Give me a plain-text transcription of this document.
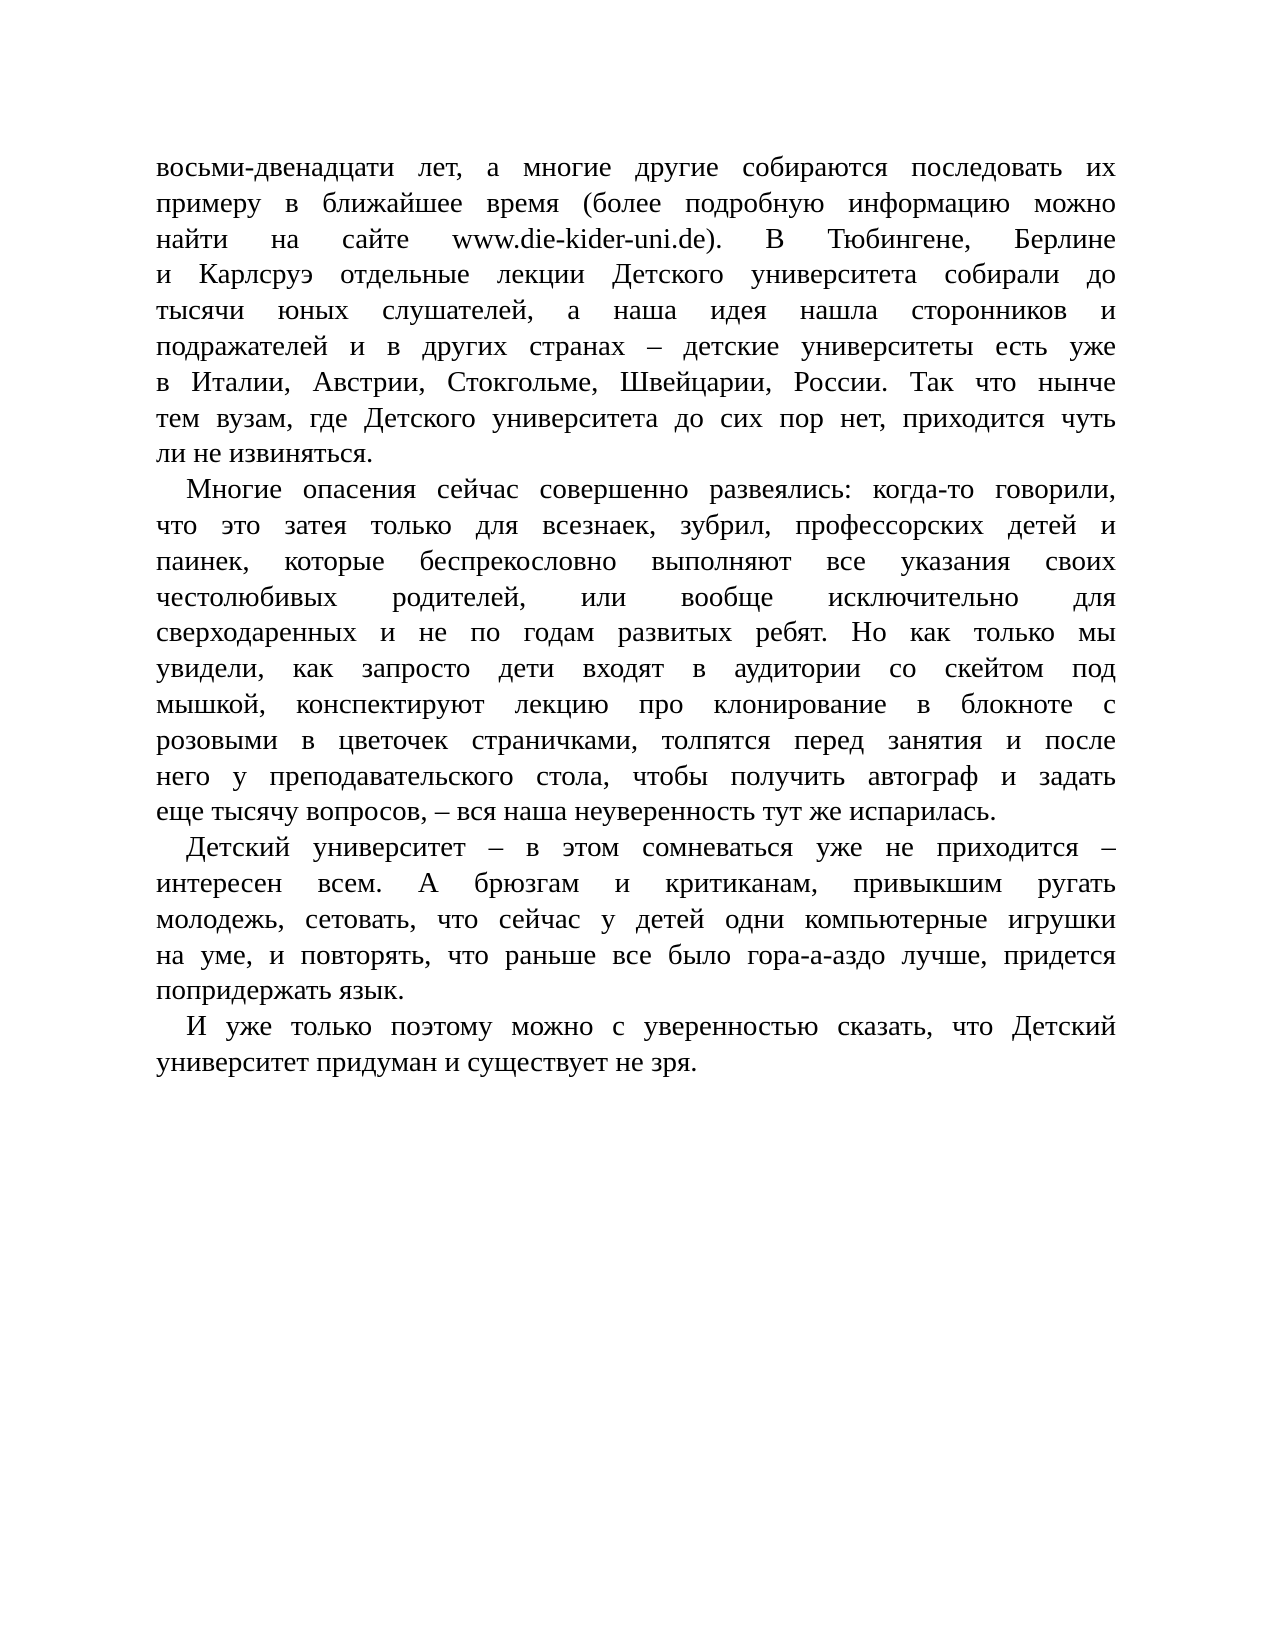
восьми-двенадцати лет, а многие другие собираются последовать их
примеру в ближайшее время (более подробную информацию можно
найти на сайте www.die-kider-uni.de). В Тюбингене, Берлине
и Карлсруэ отдельные лекции Детского университета собирали до
тысячи юных слушателей, а наша идея нашла сторонников и
подражателей и в других странах – детские университеты есть уже
в Италии, Австрии, Стокгольме, Швейцарии, России. Так что нынче
тем вузам, где Детского университета до сих пор нет, приходится чуть
ли не извиняться.
Многие опасения сейчас совершенно развеялись: когда-то говорили,
что это затея только для всезнаек, зубрил, профессорских детей и
паинек, которые беспрекословно выполняют все указания своих
честолюбивых родителей, или вообще исключительно для
сверходаренных и не по годам развитых ребят. Но как только мы
увидели, как запросто дети входят в аудитории со скейтом под
мышкой, конспектируют лекцию про клонирование в блокноте с
розовыми в цветочек страничками, толпятся перед занятия и после
него у преподавательского стола, чтобы получить автограф и задать
еще тысячу вопросов, – вся наша неуверенность тут же испарилась.
Детский университет – в этом сомневаться уже не приходится –
интересен всем. А брюзгам и критиканам, привыкшим ругать
молодежь, сетовать, что сейчас у детей одни компьютерные игрушки
на уме, и повторять, что раньше все было гора-а-аздо лучше, придется
попридержать язык.
И уже только поэтому можно с уверенностью сказать, что Детский
университет придуман и существует не зря.
